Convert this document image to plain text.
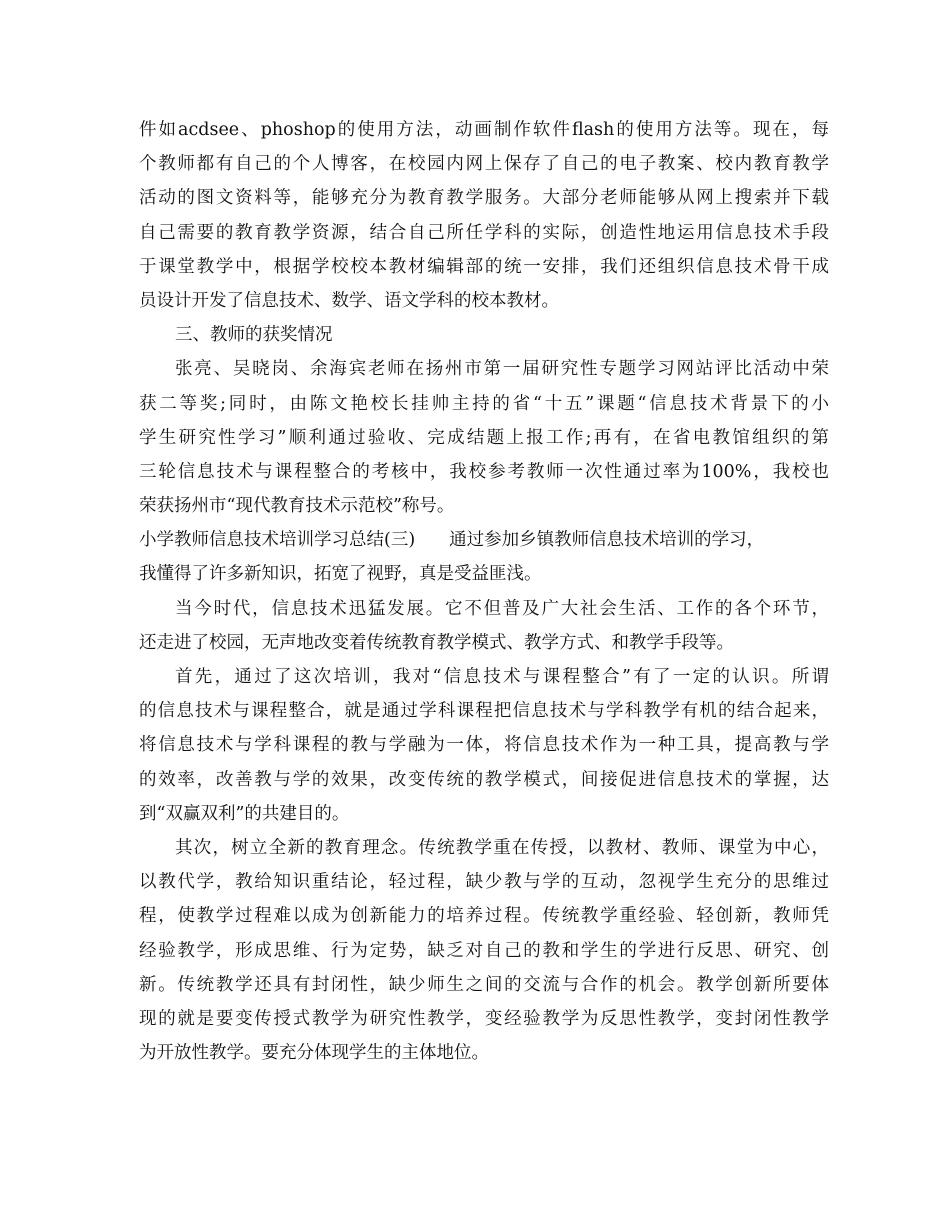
件如acdsee、phoshop的使用方法，动画制作软件flash的使用方法等。现在，每
个教师都有自己的个人博客，在校园内网上保存了自己的电子教案、校内教育教学
活动的图文资料等，能够充分为教育教学服务。大部分老师能够从网上搜索并下载
自己需要的教育教学资源，结合自己所任学科的实际，创造性地运用信息技术手段
于课堂教学中，根据学校校本教材编辑部的统一安排，我们还组织信息技术骨干成
员设计开发了信息技术、数学、语文学科的校本教材。
三、教师的获奖情况
张亮、吴晓岗、余海宾老师在扬州市第一届研究性专题学习网站评比活动中荣
获二等奖;同时，由陈文艳校长挂帅主持的省“十五”课题“信息技术背景下的小
学生研究性学习”顺利通过验收、完成结题上报工作;再有，在省电教馆组织的第
三轮信息技术与课程整合的考核中，我校参考教师一次性通过率为100%，我校也
荣获扬州市“现代教育技术示范校”称号。
小学教师信息技术培训学习总结(三) 通过参加乡镇教师信息技术培训的学习，
我懂得了许多新知识，拓宽了视野，真是受益匪浅。
当今时代，信息技术迅猛发展。它不但普及广大社会生活、工作的各个环节，
还走进了校园，无声地改变着传统教育教学模式、教学方式、和教学手段等。
首先，通过了这次培训，我对“信息技术与课程整合”有了一定的认识。所谓
的信息技术与课程整合，就是通过学科课程把信息技术与学科教学有机的结合起来，
将信息技术与学科课程的教与学融为一体，将信息技术作为一种工具，提高教与学
的效率，改善教与学的效果，改变传统的教学模式，间接促进信息技术的掌握，达
到“双赢双利”的共建目的。
其次，树立全新的教育理念。传统教学重在传授，以教材、教师、课堂为中心，
以教代学，教给知识重结论，轻过程，缺少教与学的互动，忽视学生充分的思维过
程，使教学过程难以成为创新能力的培养过程。传统教学重经验、轻创新，教师凭
经验教学，形成思维、行为定势，缺乏对自己的教和学生的学进行反思、研究、创
新。传统教学还具有封闭性，缺少师生之间的交流与合作的机会。教学创新所要体
现的就是要变传授式教学为研究性教学，变经验教学为反思性教学，变封闭性教学
为开放性教学。要充分体现学生的主体地位。
